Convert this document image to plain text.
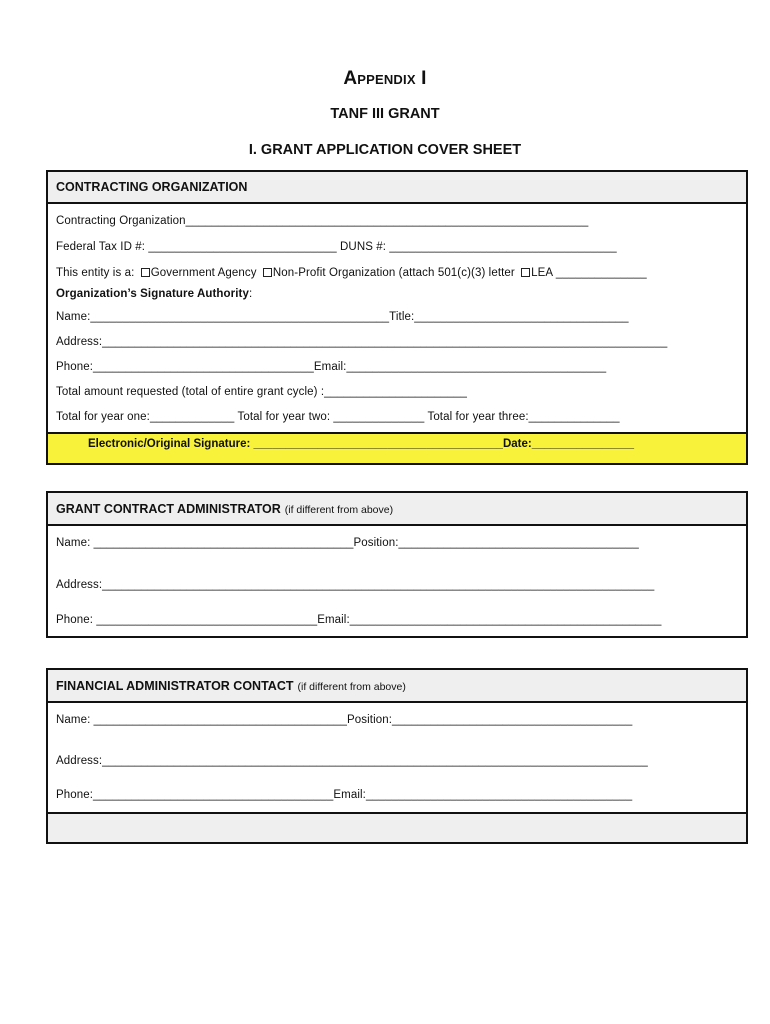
Appendix I
TANF III GRANT
I. GRANT APPLICATION COVER SHEET
CONTRACTING ORGANIZATION
Contracting Organization______________________________________________________________
Federal Tax ID #: _____________________________ DUNS #: ___________________________________
This entity is a: Government Agency Non-Profit Organization (attach 501(c)(3) letter LEA ______________
Organization’s Signature Authority:
Name:______________________________________________Title:_________________________________
Address:_______________________________________________________________________________________
Phone:__________________________________Email:________________________________________
Total amount requested (total of entire grant cycle) :______________________
Total for year one:_____________ Total for year two: ______________ Total for year three:______________
Electronic/Original Signature: _______________________________________Date:________________
GRANT CONTRACT ADMINISTRATOR (if different from above)
Name: ________________________________________Position:_____________________________________
Address:_____________________________________________________________________________________
Phone: __________________________________Email:________________________________________________
FINANCIAL ADMINISTRATOR CONTACT (if different from above)
Name: _______________________________________Position:_____________________________________
Address:____________________________________________________________________________________
Phone:_____________________________________Email:_________________________________________
